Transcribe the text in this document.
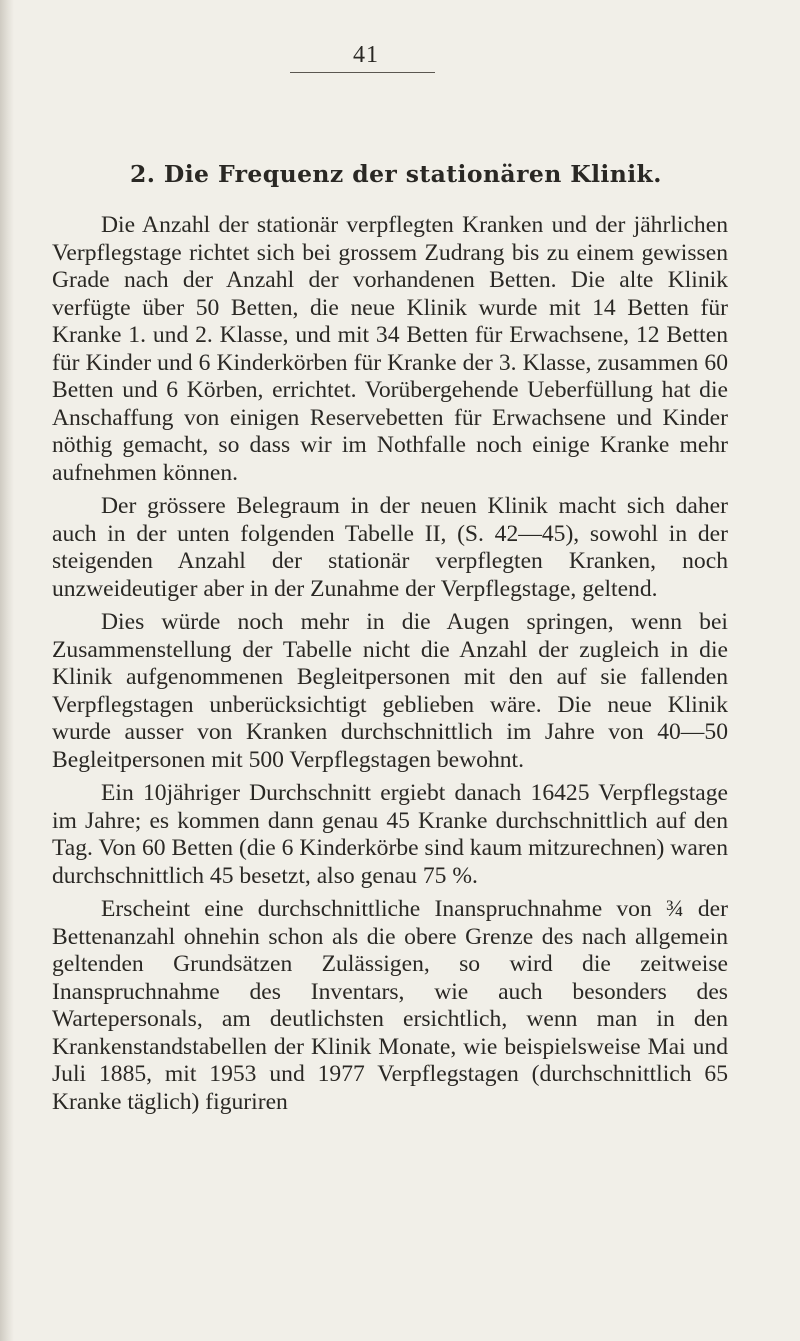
41
2. Die Frequenz der stationären Klinik.

Die Anzahl der stationär verpflegten Kranken und der jährlichen Verpflegstage richtet sich bei grossem Zudrang bis zu einem gewissen Grade nach der Anzahl der vorhandenen Betten. Die alte Klinik verfügte über 50 Betten, die neue Klinik wurde mit 14 Betten für Kranke 1. und 2. Klasse, und mit 34 Betten für Erwachsene, 12 Betten für Kinder und 6 Kinderkörben für Kranke der 3. Klasse, zusammen 60 Betten und 6 Körben, errichtet. Vorübergehende Ueberfüllung hat die Anschaffung von einigen Reservebetten für Erwachsene und Kinder nöthig gemacht, so dass wir im Nothfalle noch einige Kranke mehr aufnehmen können.

Der grössere Belegraum in der neuen Klinik macht sich daher auch in der unten folgenden Tabelle II, (S. 42—45), sowohl in der steigenden Anzahl der stationär verpflegten Kranken, noch unzweideutiger aber in der Zunahme der Verpflegstage, geltend.

Dies würde noch mehr in die Augen springen, wenn bei Zusammenstellung der Tabelle nicht die Anzahl der zugleich in die Klinik aufgenommenen Begleitpersonen mit den auf sie fallenden Verpflegstagen unberücksichtigt geblieben wäre. Die neue Klinik wurde ausser von Kranken durchschnittlich im Jahre von 40—50 Begleitpersonen mit 500 Verpflegstagen bewohnt.

Ein 10jähriger Durchschnitt ergiebt danach 16425 Verpflegstage im Jahre; es kommen dann genau 45 Kranke durchschnittlich auf den Tag. Von 60 Betten (die 6 Kinderkörbe sind kaum mitzurechnen) waren durchschnittlich 45 besetzt, also genau 75 %.

Erscheint eine durchschnittliche Inanspruchnahme von ¾ der Bettenanzahl ohnehin schon als die obere Grenze des nach allgemein geltenden Grundsätzen Zulässigen, so wird die zeitweise Inanspruchnahme des Inventars, wie auch besonders des Wartepersonals, am deutlichsten ersichtlich, wenn man in den Krankenstandstabellen der Klinik Monate, wie beispielsweise Mai und Juli 1885, mit 1953 und 1977 Verpflegstagen (durchschnittlich 65 Kranke täglich) figuriren
